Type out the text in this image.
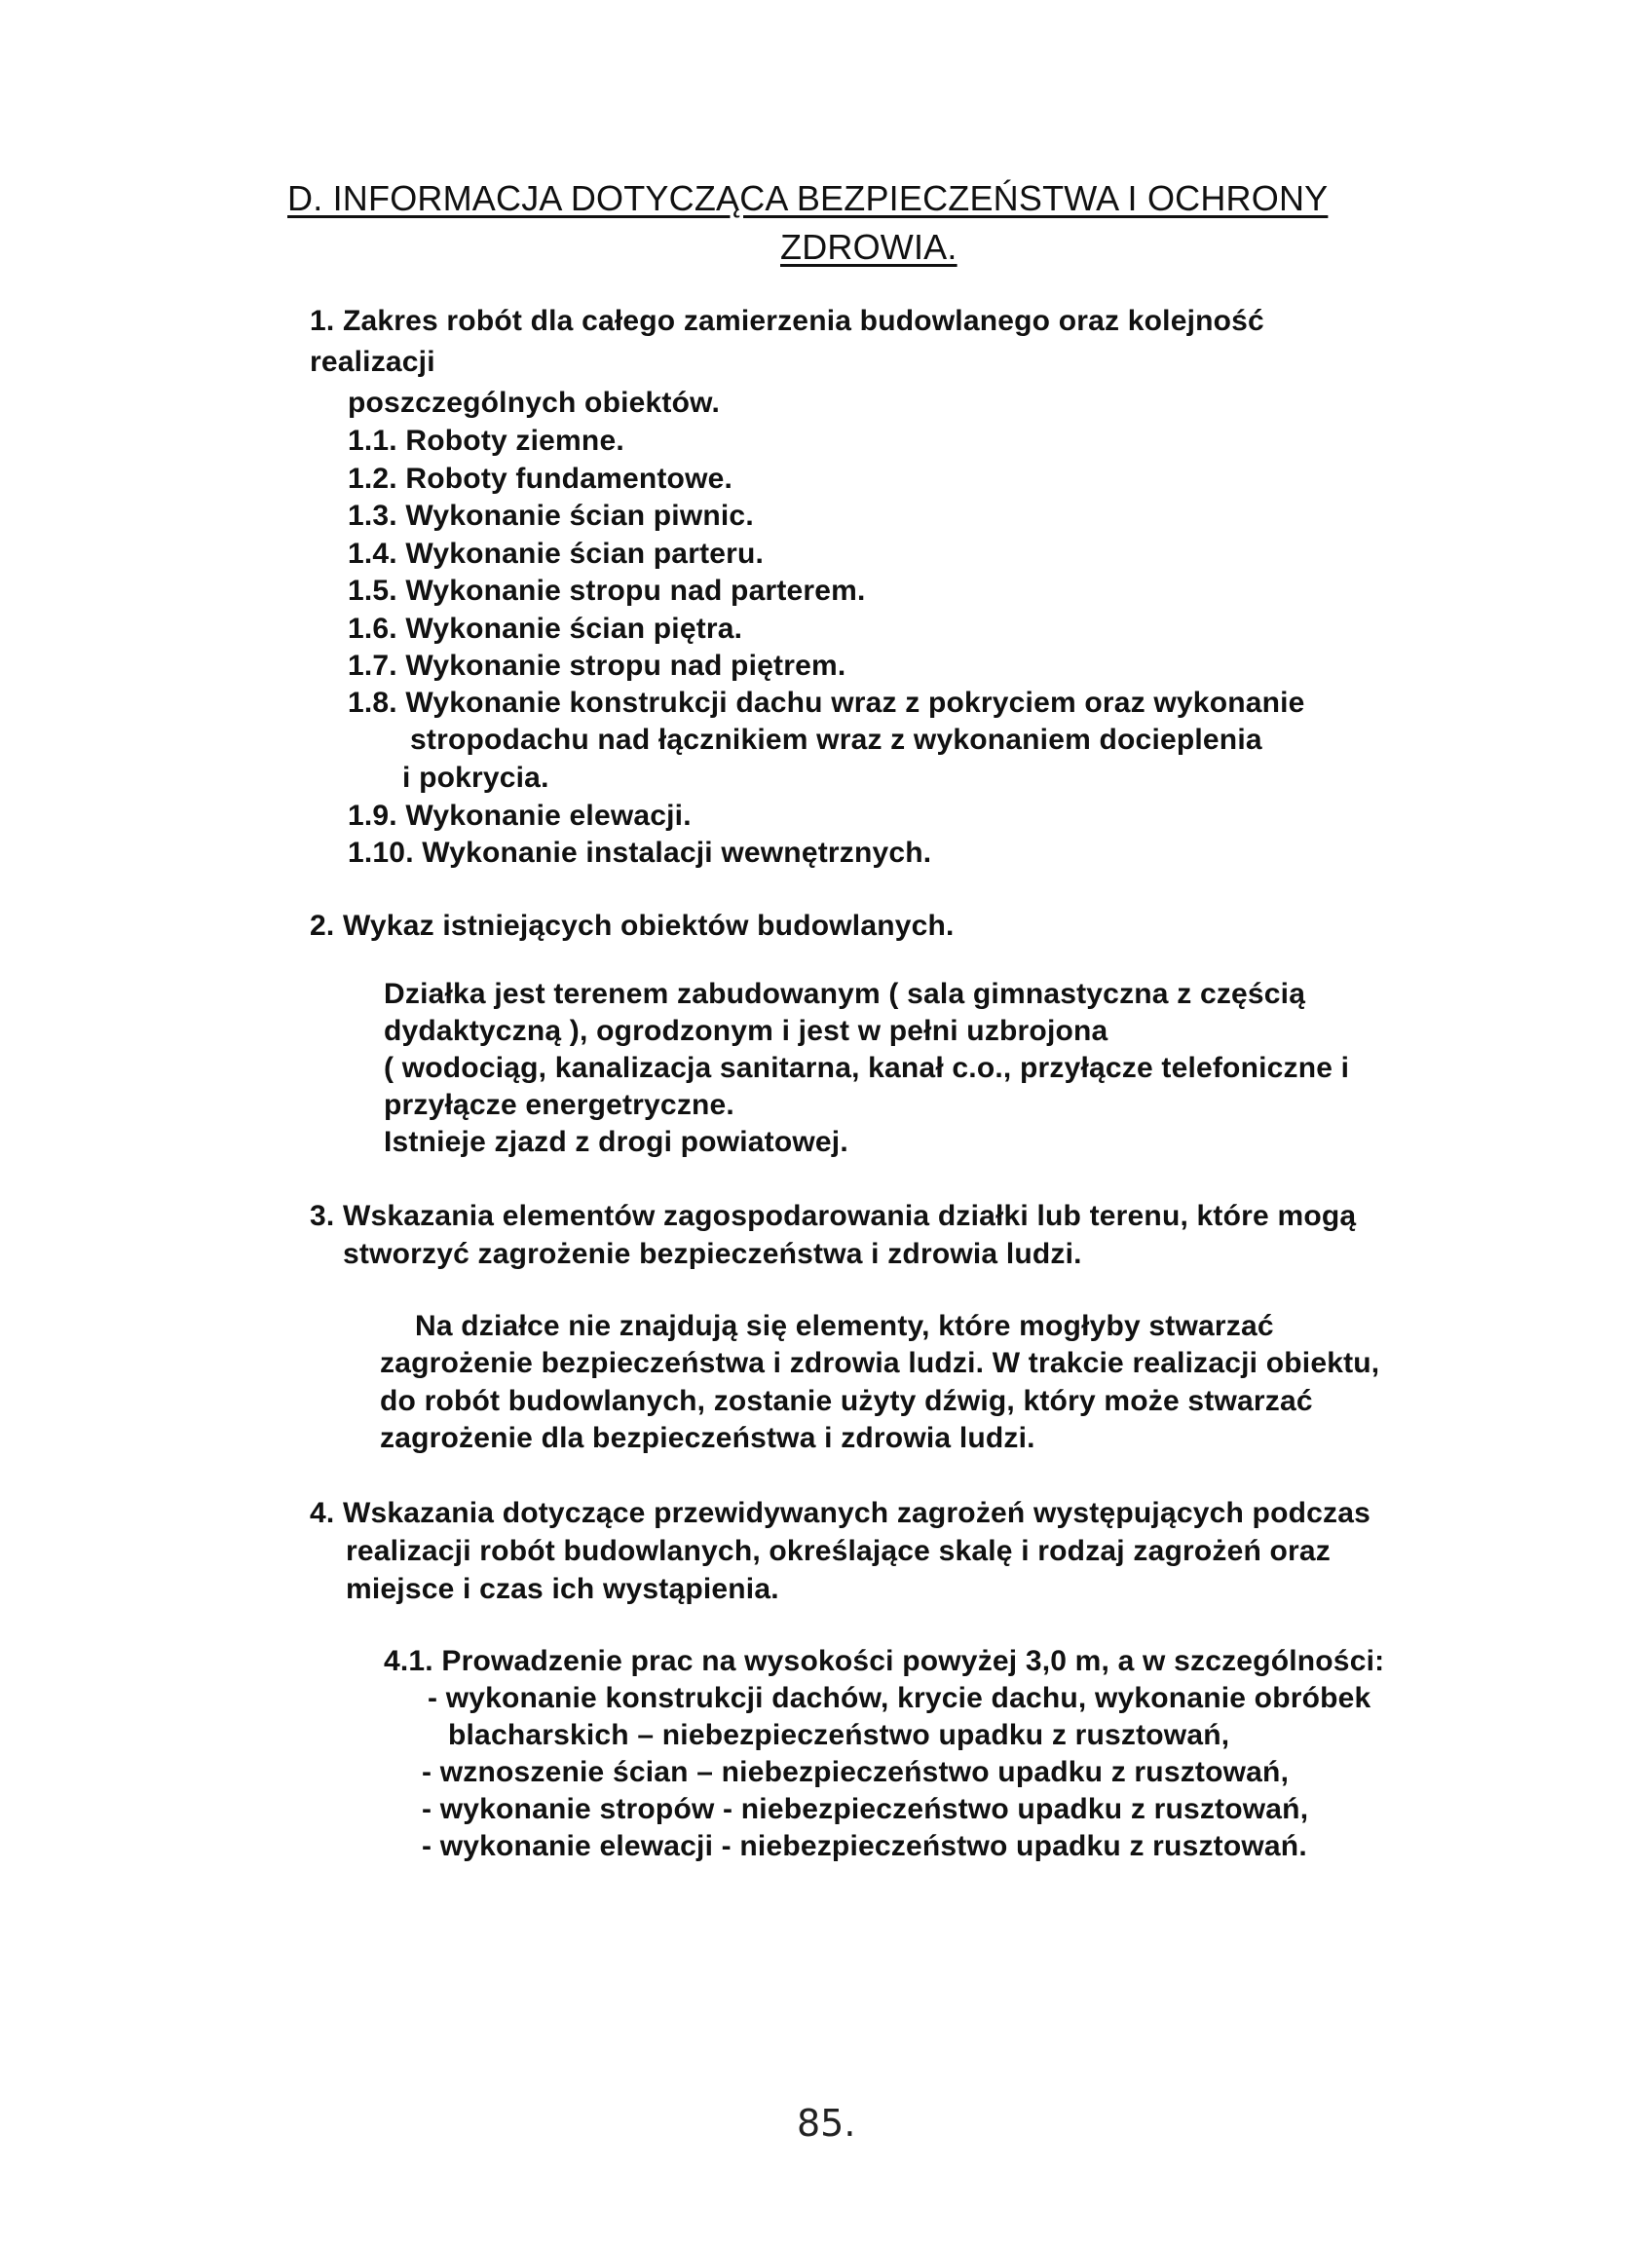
D. INFORMACJA DOTYCZĄCA BEZPIECZEŃSTWA I OCHRONY
ZDROWIA.
1. Zakres robót dla całego zamierzenia budowlanego oraz kolejność
realizacji
poszczególnych obiektów.
1.1. Roboty ziemne.
1.2. Roboty fundamentowe.
1.3. Wykonanie ścian piwnic.
1.4. Wykonanie ścian parteru.
1.5. Wykonanie stropu nad parterem.
1.6. Wykonanie ścian piętra.
1.7. Wykonanie stropu nad piętrem.
1.8. Wykonanie konstrukcji dachu wraz z pokryciem oraz wykonanie
stropodachu nad łącznikiem wraz z wykonaniem docieplenia
i pokrycia.
1.9. Wykonanie elewacji.
1.10. Wykonanie instalacji wewnętrznych.
2. Wykaz istniejących obiektów budowlanych.
Działka jest terenem zabudowanym ( sala gimnastyczna z częścią
dydaktyczną ), ogrodzonym i jest w pełni uzbrojona
( wodociąg, kanalizacja sanitarna, kanał c.o., przyłącze telefoniczne i
przyłącze energetryczne.
Istnieje zjazd z drogi powiatowej.
3. Wskazania elementów zagospodarowania działki lub terenu, które mogą
stworzyć zagrożenie bezpieczeństwa i zdrowia ludzi.
Na działce nie znajdują się elementy, które mogłyby stwarzać
zagrożenie bezpieczeństwa i zdrowia ludzi. W trakcie realizacji obiektu,
do robót budowlanych, zostanie użyty dźwig, który może stwarzać
zagrożenie dla bezpieczeństwa i zdrowia ludzi.
4. Wskazania dotyczące przewidywanych zagrożeń występujących podczas
realizacji robót budowlanych, określające skalę i rodzaj zagrożeń oraz
miejsce i czas ich wystąpienia.
4.1. Prowadzenie prac na wysokości powyżej 3,0 m, a w szczególności:
- wykonanie konstrukcji dachów, krycie dachu, wykonanie obróbek
blacharskich – niebezpieczeństwo upadku z rusztowań,
- wznoszenie ścian – niebezpieczeństwo upadku z rusztowań,
- wykonanie stropów - niebezpieczeństwo upadku z rusztowań,
- wykonanie elewacji - niebezpieczeństwo upadku z rusztowań.
85.
